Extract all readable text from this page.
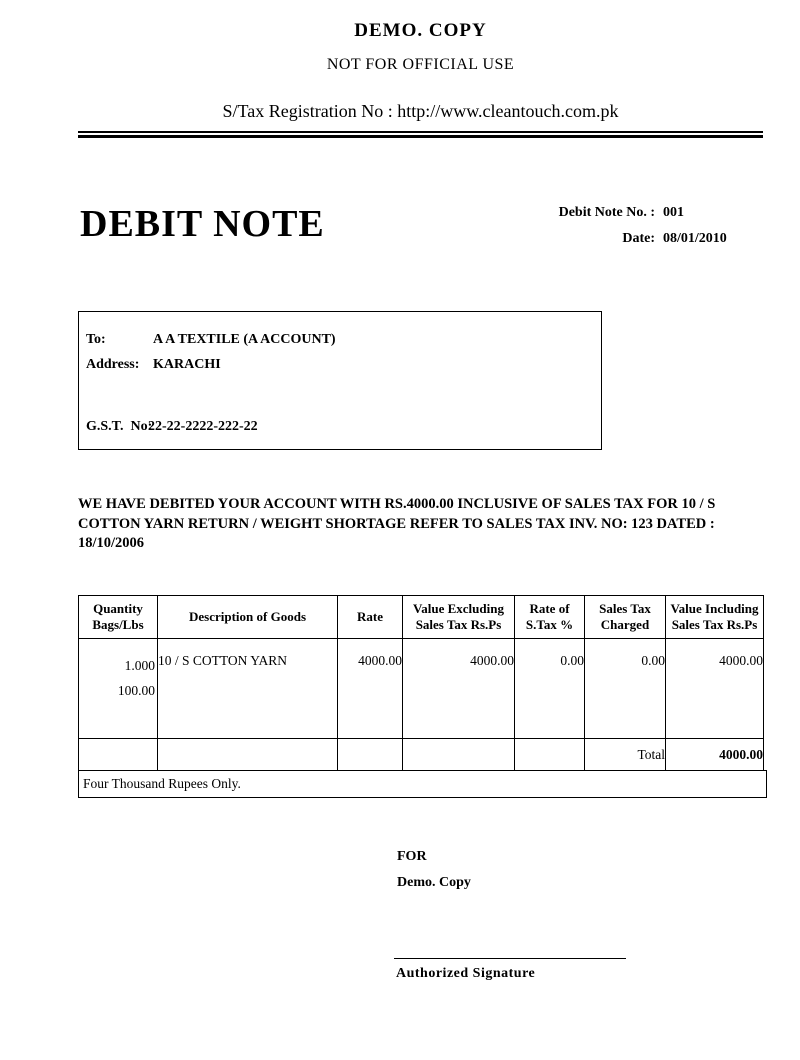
DEMO. COPY
NOT FOR OFFICIAL USE
S/Tax Registration No : http://www.cleantouch.com.pk
DEBIT NOTE	Debit Note No. : 001
Date: 08/01/2010
To:	A A TEXTILE (A ACCOUNT)
Address: KARACHI
G.S.T.  No:
22-22-2222-222-22
WE HAVE DEBITED YOUR ACCOUNT WITH RS.4000.00 INCLUSIVE OF SALES TAX FOR 10 / S
COTTON YARN RETURN / WEIGHT SHORTAGE REFER TO SALES TAX INV. NO: 123 DATED :
18/10/2006
Quantity Bags/Lbs	Description of Goods	Rate	Value Excluding Sales Tax Rs.Ps	Rate of S.Tax %	Sales Tax Charged	Value Including Sales Tax Rs.Ps

1.000
100.00	10 / S COTTON YARN	4000.00	4000.00	0.00	0.00	4000.00
					Total	4000.00
Four Thousand Rupees Only.
FOR
Demo. Copy
Authorized Signature
